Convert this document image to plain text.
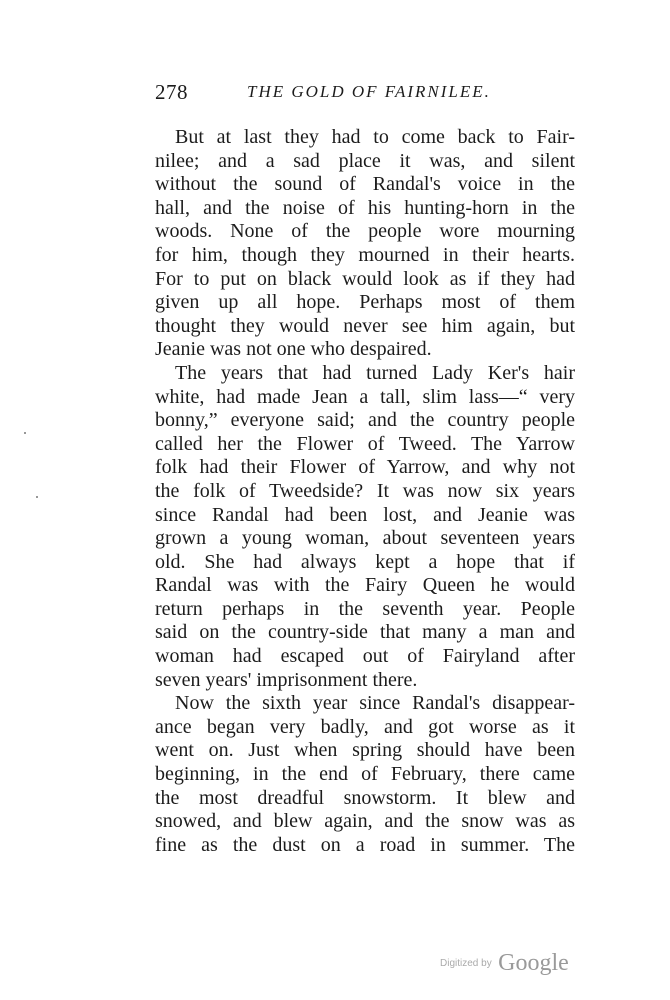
278	THE GOLD OF FAIRNILEE.
But at last they had to come back to Fair-
nilee; and a sad place it was, and silent
without the sound of Randal's voice in the
hall, and the noise of his hunting-horn in the
woods. None of the people wore mourning
for him, though they mourned in their hearts.
For to put on black would look as if they had
given up all hope. Perhaps most of them
thought they would never see him again, but
Jeanie was not one who despaired.
The years that had turned Lady Ker's hair
white, had made Jean a tall, slim lass—“ very
bonny,” everyone said; and the country people
called her the Flower of Tweed. The Yarrow
folk had their Flower of Yarrow, and why not
the folk of Tweedside? It was now six years
since Randal had been lost, and Jeanie was
grown a young woman, about seventeen years
old. She had always kept a hope that if
Randal was with the Fairy Queen he would
return perhaps in the seventh year. People
said on the country-side that many a man and
woman had escaped out of Fairyland after
seven years' imprisonment there.
Now the sixth year since Randal's disappear-
ance began very badly, and got worse as it
went on. Just when spring should have been
beginning, in the end of February, there came
the most dreadful snowstorm. It blew and
snowed, and blew again, and the snow was as
fine as the dust on a road in summer. The
$^{Digitized by}$ Google
